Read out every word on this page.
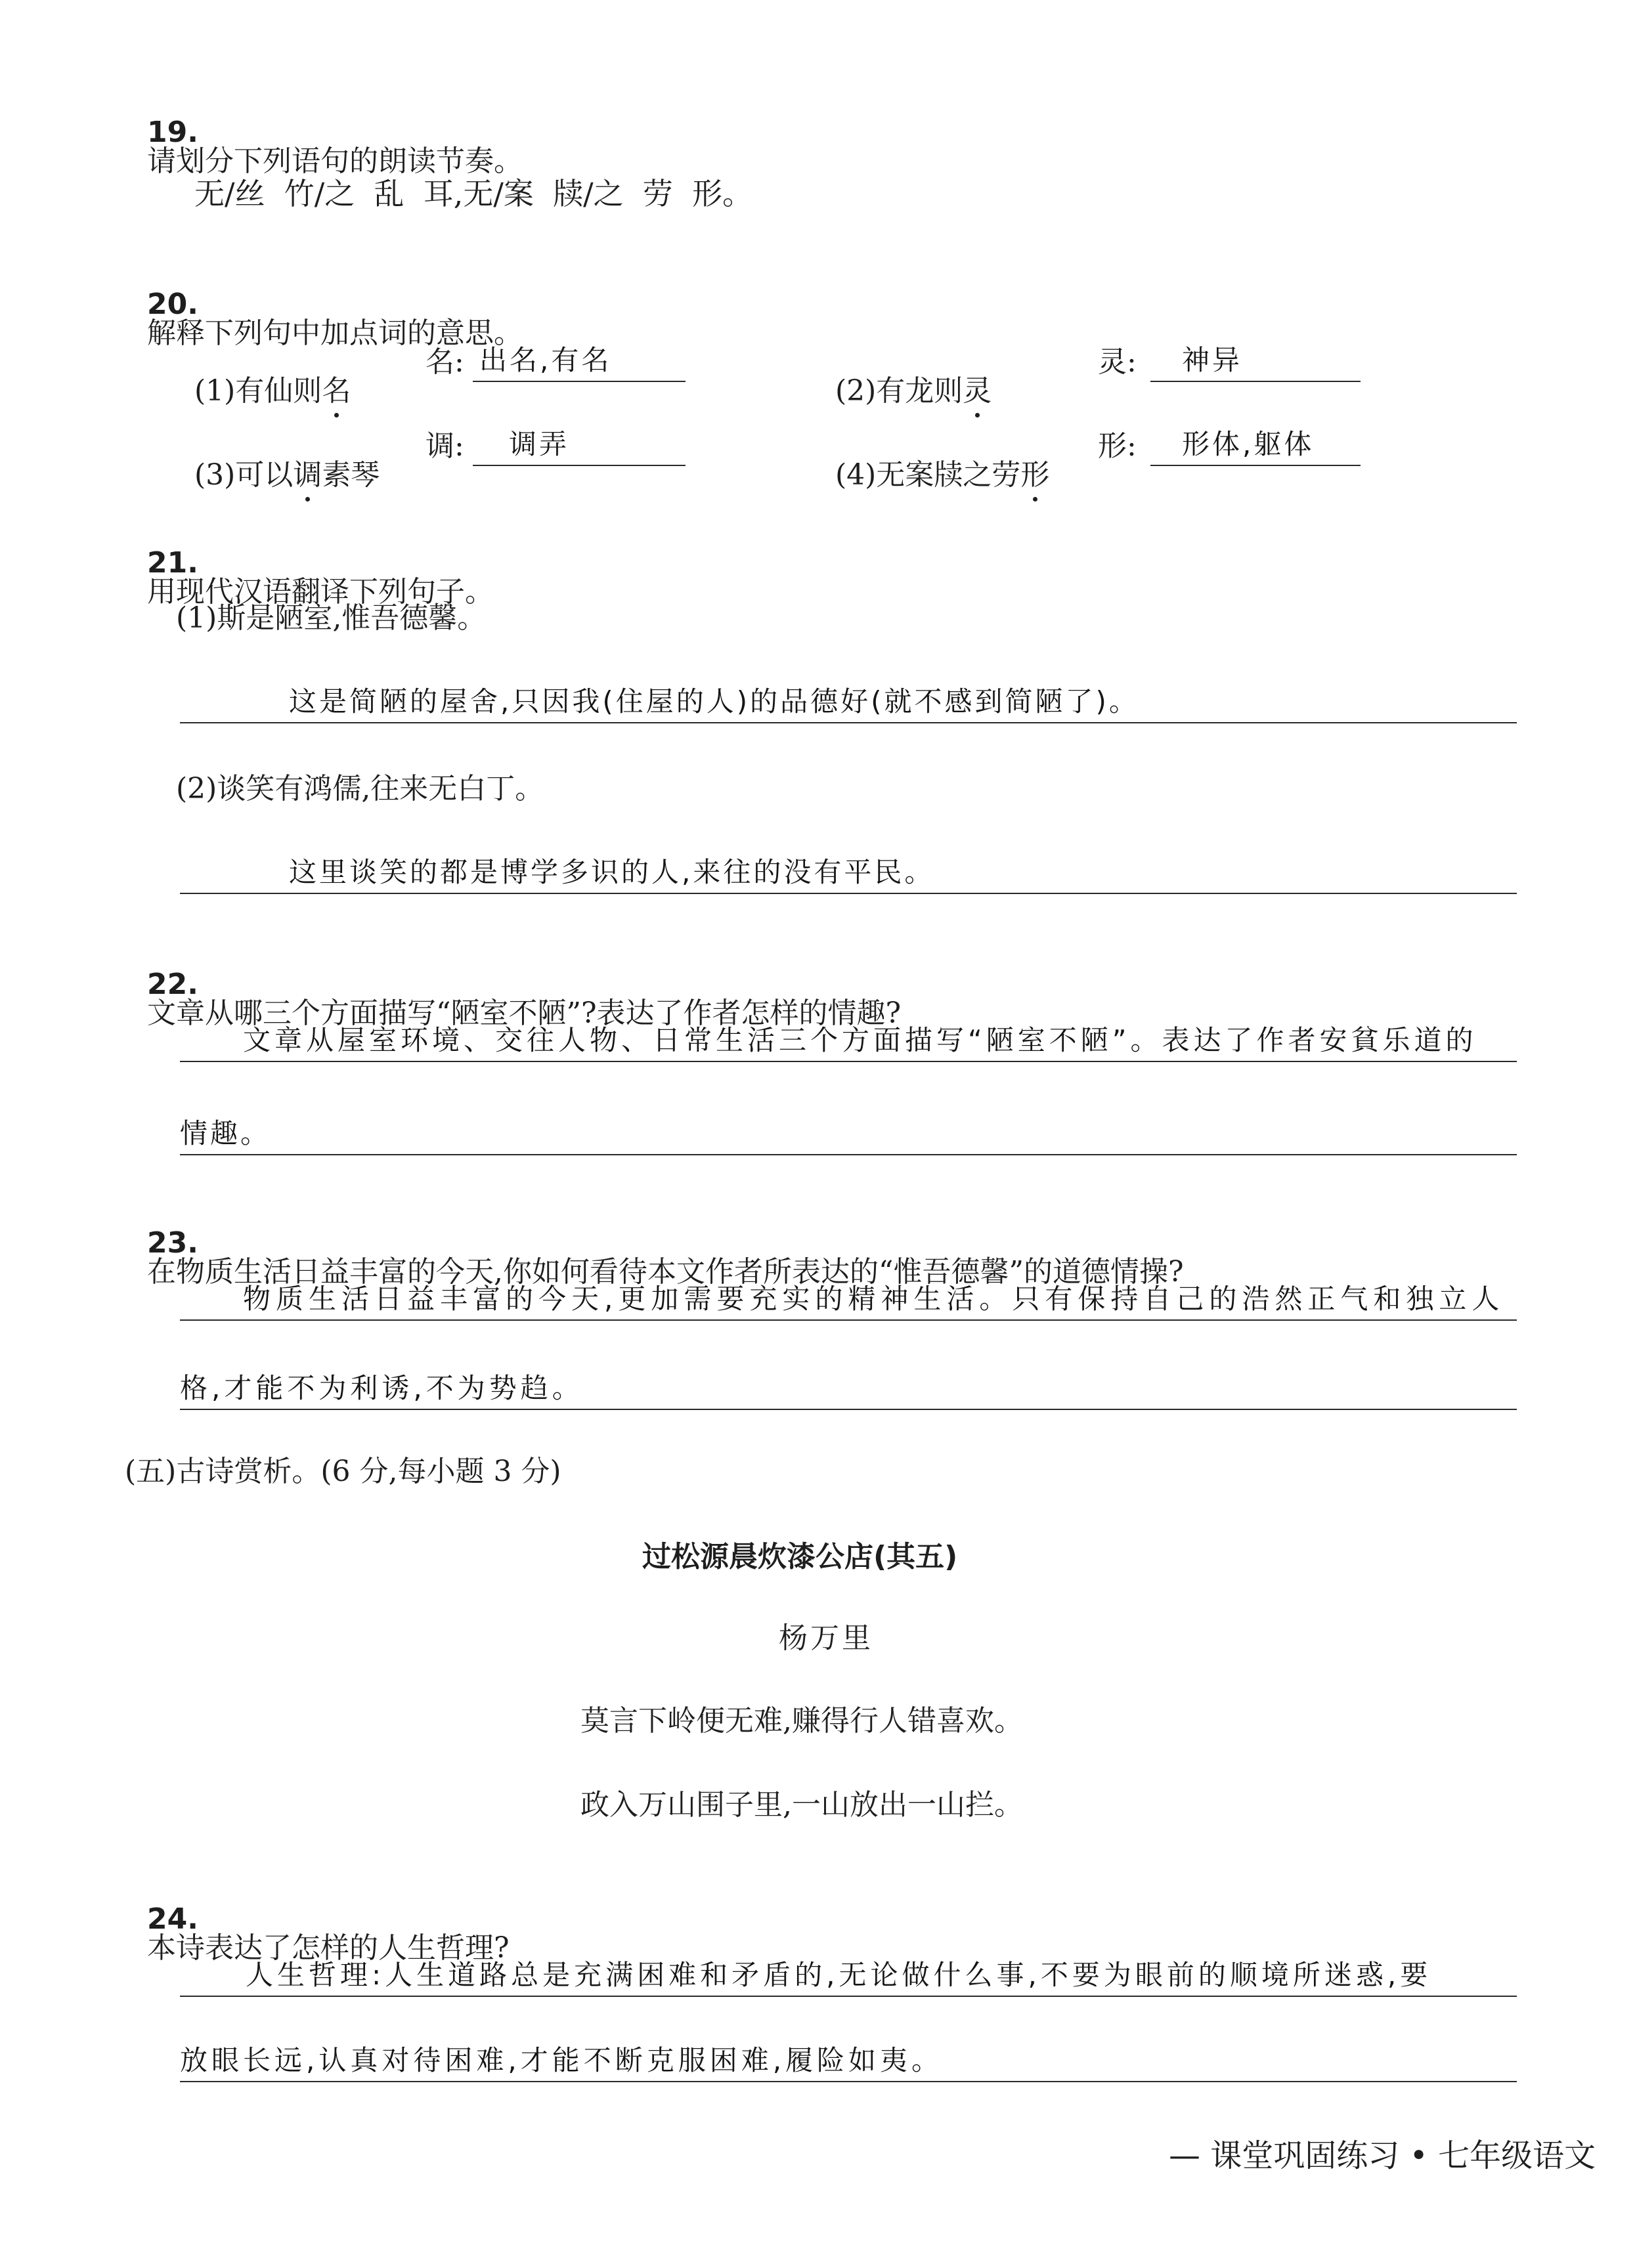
19.
请划分下列语句的朗读节奏。

无/丝  竹/之  乱  耳,无/案  牍/之  劳  形。

20.
解释下列句中加点词的意思。

(1)有仙则名

名: 出名,有名

(2)有龙则灵

灵: 神异

(3)可以调素琴

调: 调弄

(4)无案牍之劳形

形: 形体,躯体

21.
用现代汉语翻译下列句子。

(1)斯是陋室,惟吾德馨。
这是简陋的屋舍,只因我(住屋的人)的品德好(就不感到简陋了)。
(2)谈笑有鸿儒,往来无白丁。
这里谈笑的都是博学多识的人,来往的没有平民。

22.
文章从哪三个方面描写“陋室不陋”?表达了作者怎样的情趣?

文章从屋室环境、交往人物、日常生活三个方面描写“陋室不陋”。表达了作者安貧乐道的
情趣。

23.
在物质生活日益丰富的今天,你如何看待本文作者所表达的“惟吾德馨”的道德情操?

物质生活日益丰富的今天,更加需要充实的精神生活。只有保持自己的浩然正气和独立人
格,才能不为利诱,不为势趋。
(五)古诗赏析。(6 分,每小题 3 分)
过松源晨炊漆公店(其五)
杨万里
莫言下岭便无难,赚得行人错喜欢。
政入万山围子里,一山放出一山拦。

24.
本诗表达了怎样的人生哲理?

人生哲理:人生道路总是充满困难和矛盾的,无论做什么事,不要为眼前的顺境所迷惑,要
放眼长远,认真对待困难,才能不断克服困难,履险如夷。
— 课堂巩固练习 • 七年级语文
